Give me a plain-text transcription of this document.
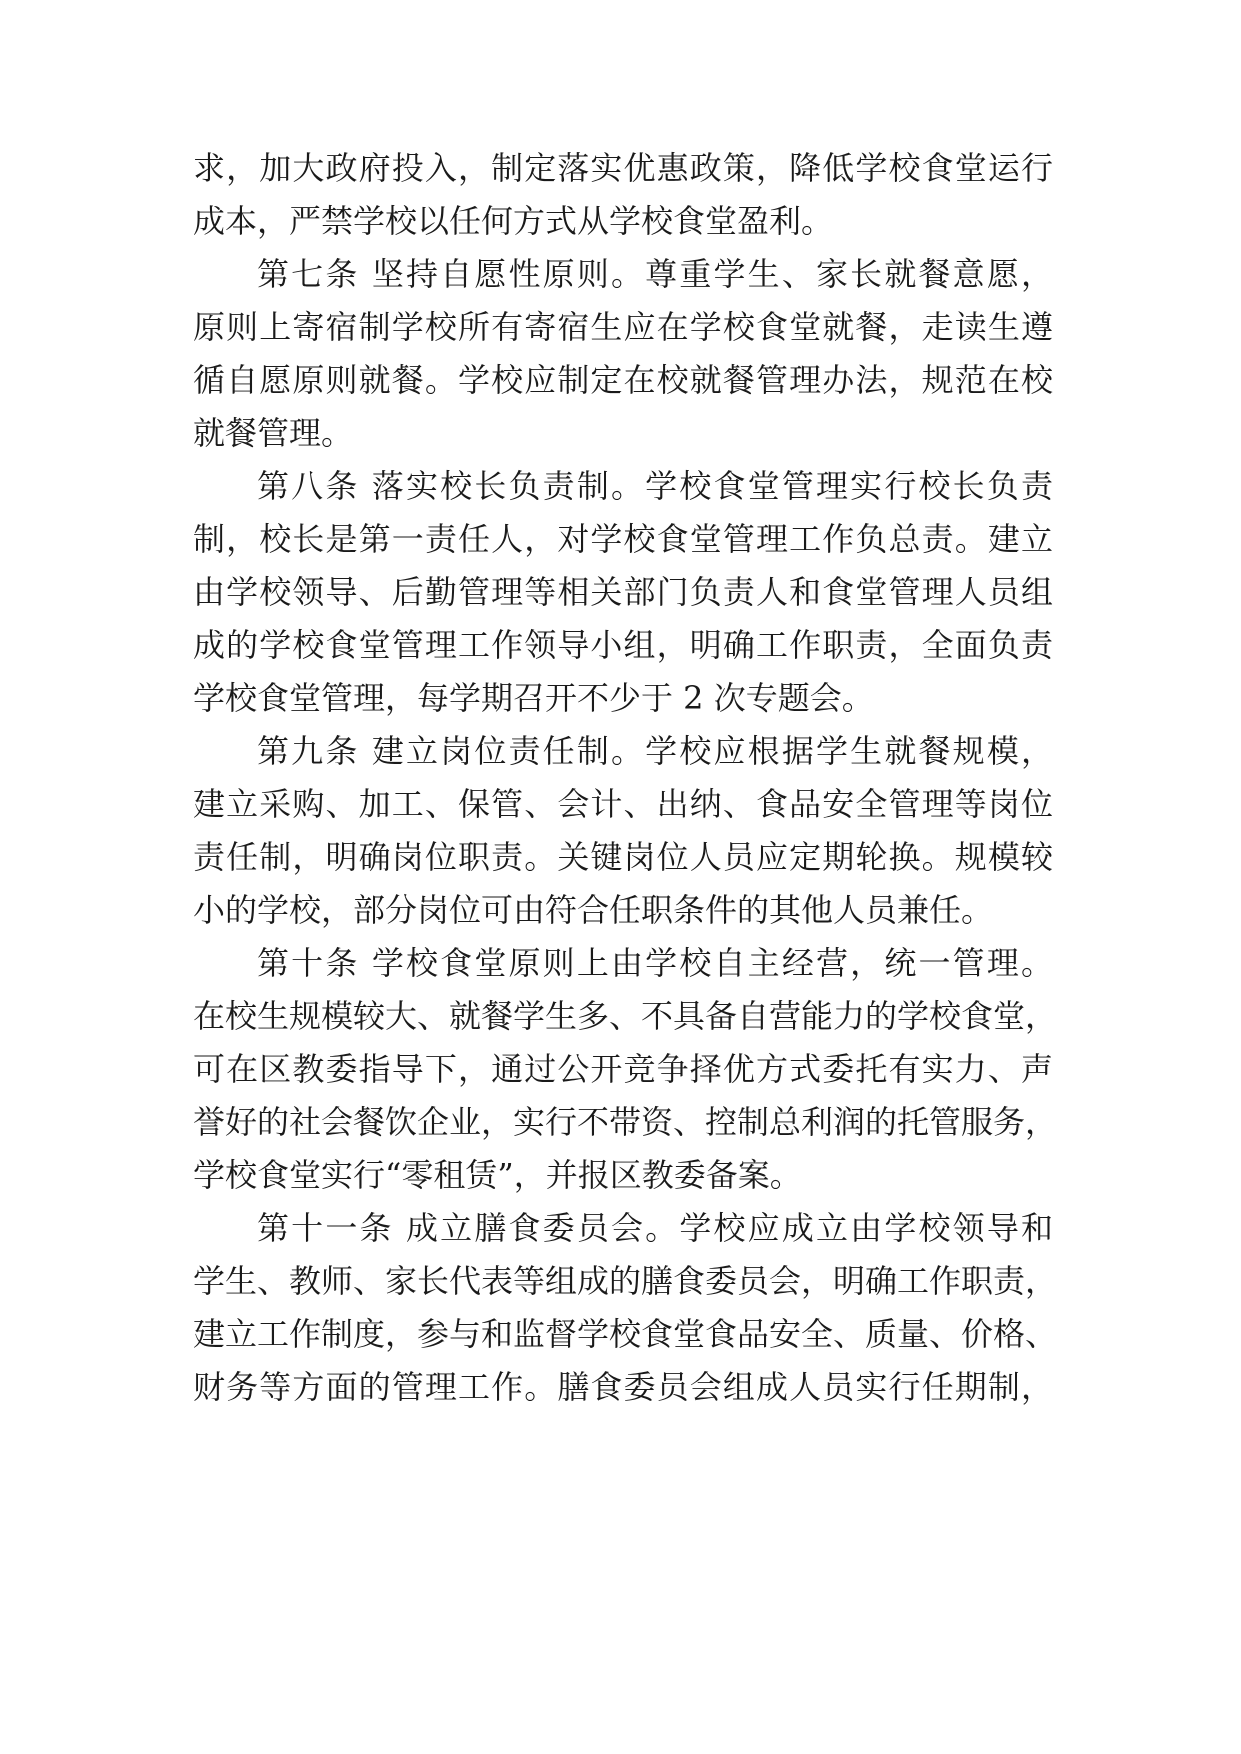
求，加大政府投入，制定落实优惠政策，降低学校食堂运行
成本，严禁学校以任何方式从学校食堂盈利。
第七条 坚持自愿性原则。尊重学生、家长就餐意愿，
原则上寄宿制学校所有寄宿生应在学校食堂就餐，走读生遵
循自愿原则就餐。学校应制定在校就餐管理办法，规范在校
就餐管理。
第八条 落实校长负责制。学校食堂管理实行校长负责
制，校长是第一责任人，对学校食堂管理工作负总责。建立
由学校领导、后勤管理等相关部门负责人和食堂管理人员组
成的学校食堂管理工作领导小组，明确工作职责，全面负责
学校食堂管理，每学期召开不少于 2 次专题会。
第九条 建立岗位责任制。学校应根据学生就餐规模，
建立采购、加工、保管、会计、出纳、食品安全管理等岗位
责任制，明确岗位职责。关键岗位人员应定期轮换。规模较
小的学校，部分岗位可由符合任职条件的其他人员兼任。
第十条 学校食堂原则上由学校自主经营，统一管理。
在校生规模较大、就餐学生多、不具备自营能力的学校食堂，
可在区教委指导下，通过公开竞争择优方式委托有实力、声
誉好的社会餐饮企业，实行不带资、控制总利润的托管服务，
学校食堂实行“零租赁”，并报区教委备案。
第十一条 成立膳食委员会。学校应成立由学校领导和
学生、教师、家长代表等组成的膳食委员会，明确工作职责，
建立工作制度，参与和监督学校食堂食品安全、质量、价格、
财务等方面的管理工作。膳食委员会组成人员实行任期制，
